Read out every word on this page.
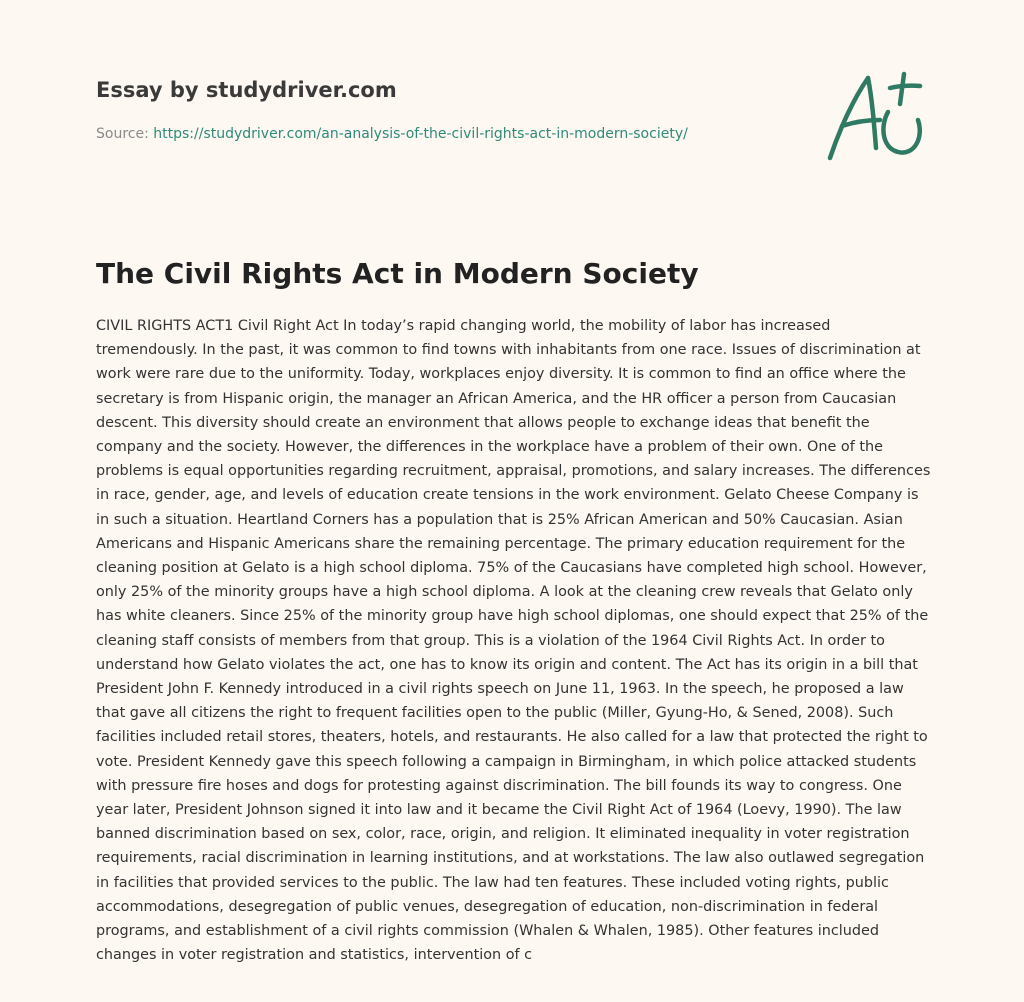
Essay by studydriver.com
Source: https://studydriver.com/an-analysis-of-the-civil-rights-act-in-modern-society/
The Civil Rights Act in Modern Society

CIVIL RIGHTS ACT1 Civil Right Act In today’s rapid changing world, the mobility of labor has increased tremendously. In the past, it was common to find towns with inhabitants from one race. Issues of discrimination at work were rare due to the uniformity. Today, workplaces enjoy diversity. It is common to find an office where the secretary is from Hispanic origin, the manager an African America, and the HR officer a person from Caucasian descent. This diversity should create an environment that allows people to exchange ideas that benefit the company and the society. However, the differences in the workplace have a problem of their own. One of the problems is equal opportunities regarding recruitment, appraisal, promotions, and salary increases. The differences in race, gender, age, and levels of education create tensions in the work environment. Gelato Cheese Company is in such a situation. Heartland Corners has a population that is 25% African American and 50% Caucasian. Asian Americans and Hispanic Americans share the remaining percentage. The primary education requirement for the cleaning position at Gelato is a high school diploma. 75% of the Caucasians have completed high school. However, only 25% of the minority groups have a high school diploma. A look at the cleaning crew reveals that Gelato only has white cleaners. Since 25% of the minority group have high school diplomas, one should expect that 25% of the cleaning staff consists of members from that group. This is a violation of the 1964 Civil Rights Act. In order to understand how Gelato violates the act, one has to know its origin and content. The Act has its origin in a bill that President John F. Kennedy introduced in a civil rights speech on June 11, 1963. In the speech, he proposed a law that gave all citizens the right to frequent facilities open to the public (Miller, Gyung-Ho, & Sened, 2008). Such facilities included retail stores, theaters, hotels, and restaurants. He also called for a law that protected the right to vote. President Kennedy gave this speech following a campaign in Birmingham, in which police attacked students with pressure fire hoses and dogs for protesting against discrimination. The bill founds its way to congress. One year later, President Johnson signed it into law and it became the Civil Right Act of 1964 (Loevy, 1990). The law banned discrimination based on sex, color, race, origin, and religion. It eliminated inequality in voter registration requirements, racial discrimination in learning institutions, and at workstations. The law also outlawed segregation in facilities that provided services to the public. The law had ten features. These included voting rights, public accommodations, desegregation of public venues, desegregation of education, non-discrimination in federal programs, and establishment of a civil rights commission (Whalen & Whalen, 1985). Other features included changes in voter registration and statistics, intervention of c
